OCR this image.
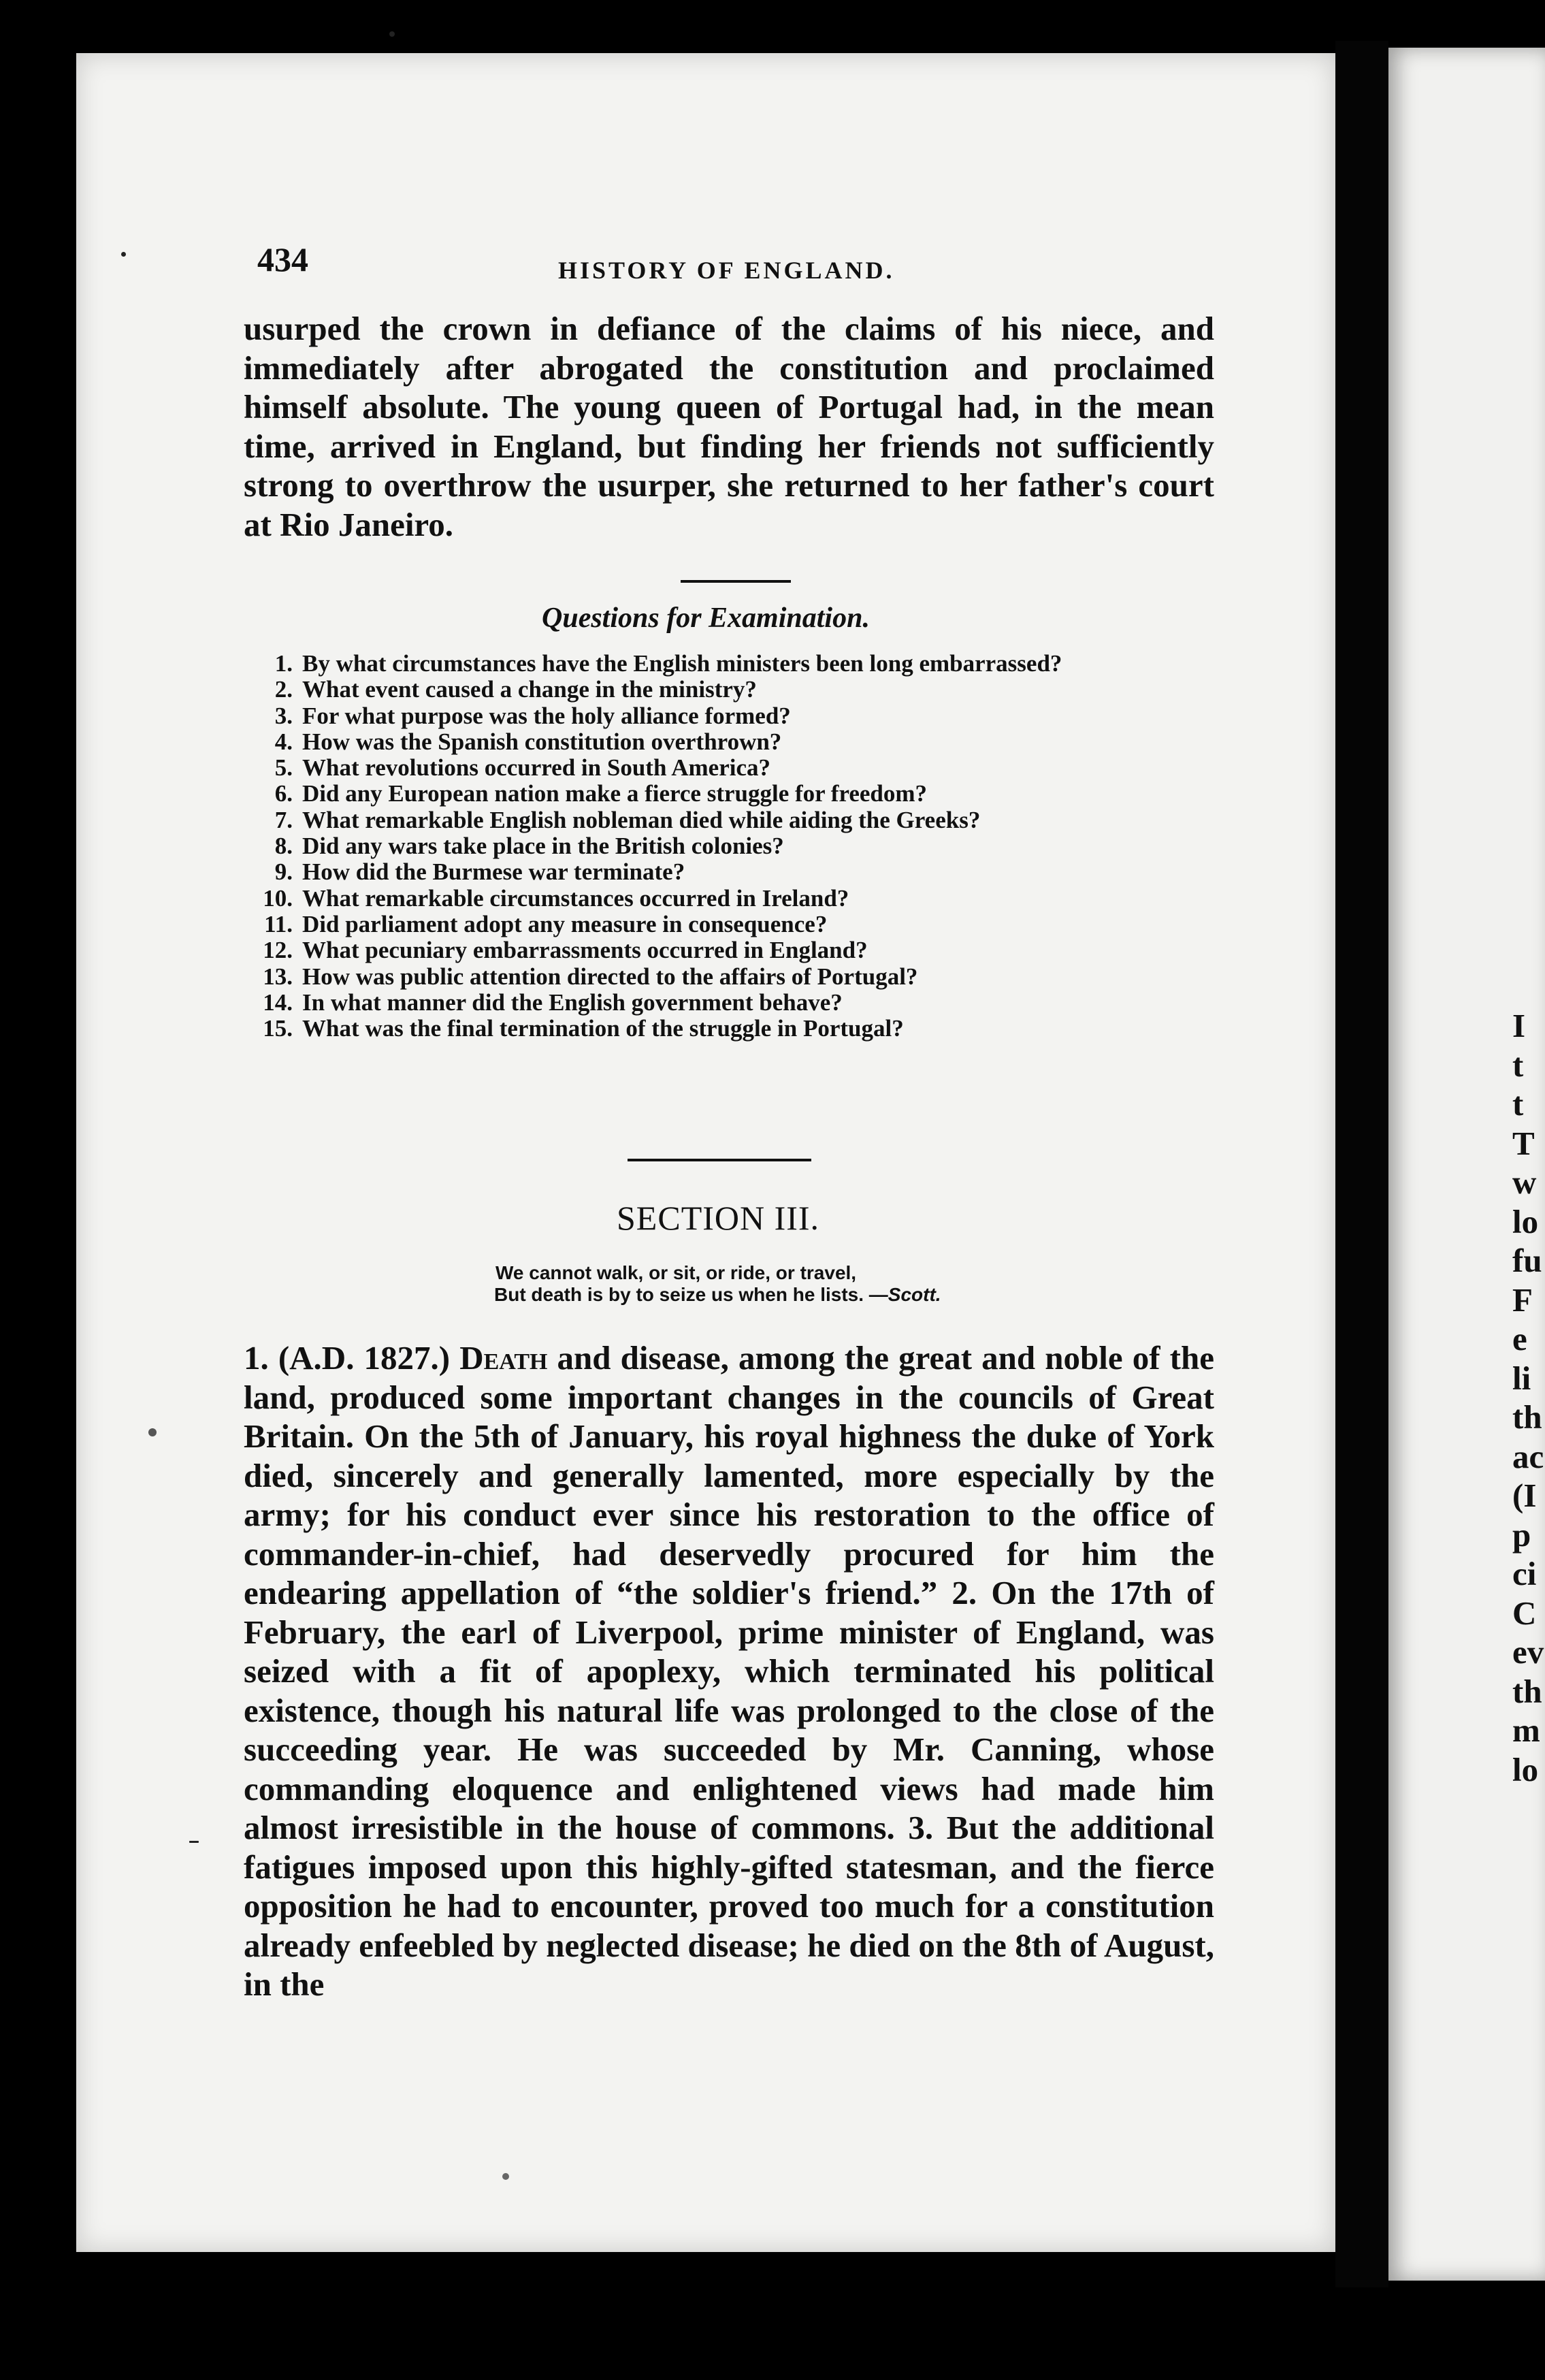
I
t
t
T
w
lo
fu
F
e
li
th
ac
(I
p
ci
C
ev
th
m
lo
434	HISTORY OF ENGLAND.

usurped the crown in defiance of the claims of his niece, and immediately after abrogated the constitution and proclaimed himself absolute. The young queen of Portugal had, in the mean time, arrived in England, but finding her friends not sufficiently strong to overthrow the usurper, she returned to her father's court at Rio Janeiro.

Questions for Examination.
1. By what circumstances have the English ministers been long embarrassed?
2. What event caused a change in the ministry?
3. For what purpose was the holy alliance formed?
4. How was the Spanish constitution overthrown?
5. What revolutions occurred in South America?
6. Did any European nation make a fierce struggle for freedom?
7. What remarkable English nobleman died while aiding the Greeks?
8. Did any wars take place in the British colonies?
9. How did the Burmese war terminate?
10. What remarkable circumstances occurred in Ireland?
11. Did parliament adopt any measure in consequence?
12. What pecuniary embarrassments occurred in England?
13. How was public attention directed to the affairs of Portugal?
14. In what manner did the English government behave?
15. What was the final termination of the struggle in Portugal?
SECTION III.
We cannot walk, or sit, or ride, or travel,
But death is by to seize us when he lists. —Scott.

1. (A.D. 1827.) Death and disease, among the great and noble of the land, produced some important changes in the councils of Great Britain. On the 5th of January, his royal highness the duke of York died, sincerely and generally lamented, more especially by the army; for his conduct ever since his restoration to the office of commander-in-chief, had deservedly procured for him the endearing appellation of “the soldier's friend.” 2. On the 17th of February, the earl of Liverpool, prime minister of England, was seized with a fit of apoplexy, which terminated his political existence, though his natural life was prolonged to the close of the succeeding year. He was succeeded by Mr. Canning, whose commanding eloquence and enlightened views had made him almost irresistible in the house of commons. 3. But the additional fatigues imposed upon this highly-gifted statesman, and the fierce opposition he had to encounter, proved too much for a constitution already enfeebled by neglected disease; he died on the 8th of August, in the
